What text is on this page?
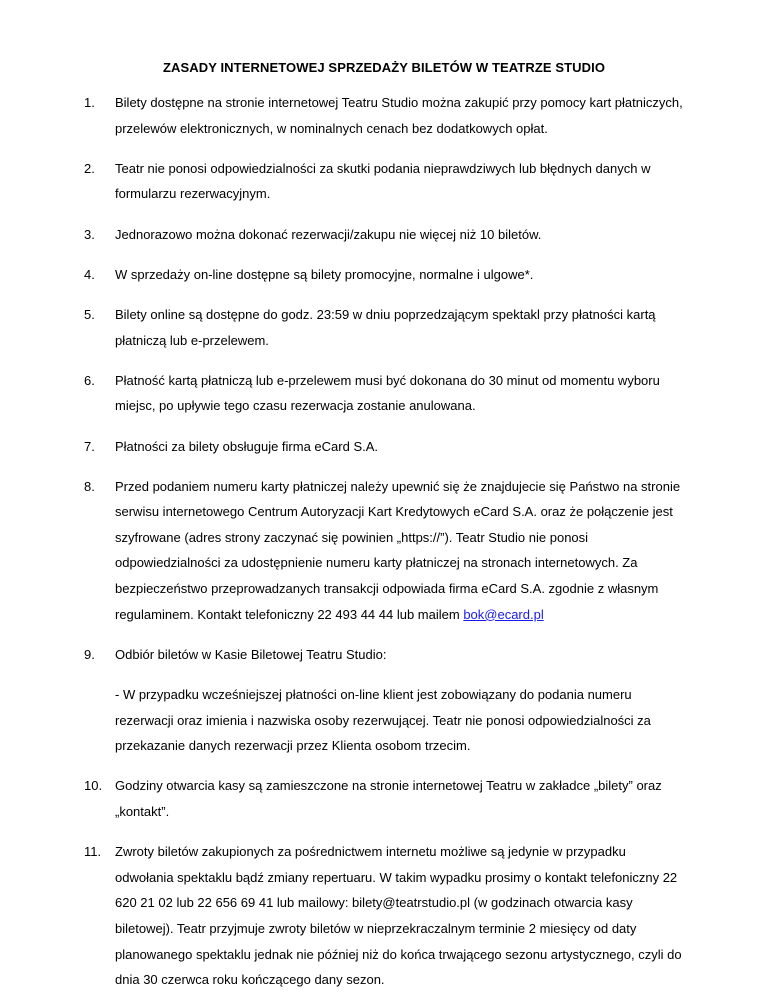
ZASADY INTERNETOWEJ SPRZEDAŻY BILETÓW W TEATRZE STUDIO
1.	Bilety dostępne na stronie internetowej Teatru Studio można zakupić przy pomocy kart płatniczych, przelewów elektronicznych, w nominalnych cenach bez dodatkowych opłat.
2.	Teatr nie ponosi odpowiedzialności za skutki podania nieprawdziwych lub błędnych danych w formularzu rezerwacyjnym.
3.	Jednorazowo można dokonać rezerwacji/zakupu nie więcej niż 10 biletów.
4.	W sprzedaży on-line dostępne są bilety promocyjne, normalne i ulgowe*.
5.	Bilety online są dostępne do godz. 23:59 w dniu poprzedzającym spektakl przy płatności kartą płatniczą lub e-przelewem.
6.	Płatność kartą płatniczą lub e-przelewem musi być dokonana do 30 minut od momentu wyboru miejsc, po upływie tego czasu rezerwacja zostanie anulowana.
7.	Płatności za bilety obsługuje firma eCard S.A.
8.	Przed podaniem numeru karty płatniczej należy upewnić się że znajdujecie się Państwo na stronie serwisu internetowego Centrum Autoryzacji Kart Kredytowych eCard S.A. oraz że połączenie jest szyfrowane (adres strony zaczynać się powinien „https://”). Teatr Studio nie ponosi odpowiedzialności za udostępnienie numeru karty płatniczej na stronach internetowych. Za bezpieczeństwo przeprowadzanych transakcji odpowiada firma eCard S.A. zgodnie z własnym regulaminem. Kontakt telefoniczny 22 493 44 44 lub mailem bok@ecard.pl
9.	Odbiór biletów w Kasie Biletowej Teatru Studio:
- W przypadku wcześniejszej płatności on-line klient jest zobowiązany do podania numeru rezerwacji oraz imienia i nazwiska osoby rezerwującej. Teatr nie ponosi odpowiedzialności za przekazanie danych rezerwacji przez Klienta osobom trzecim.
10. Godziny otwarcia kasy są zamieszczone na stronie internetowej Teatru w zakładce „bilety” oraz „kontakt”.
11.	Zwroty biletów zakupionych za pośrednictwem internetu możliwe są jedynie w przypadku odwołania spektaklu bądź zmiany repertuaru. W takim wypadku prosimy o kontakt telefoniczny 22 620 21 02 lub 22 656 69 41 lub mailowy: bilety@teatrstudio.pl (w godzinach otwarcia kasy biletowej). Teatr przyjmuje zwroty biletów w nieprzekraczalnym terminie 2 miesięcy od daty planowanego spektaklu jednak nie później niż do końca trwającego sezonu artystycznego, czyli do dnia 30 czerwca roku kończącego dany sezon.
